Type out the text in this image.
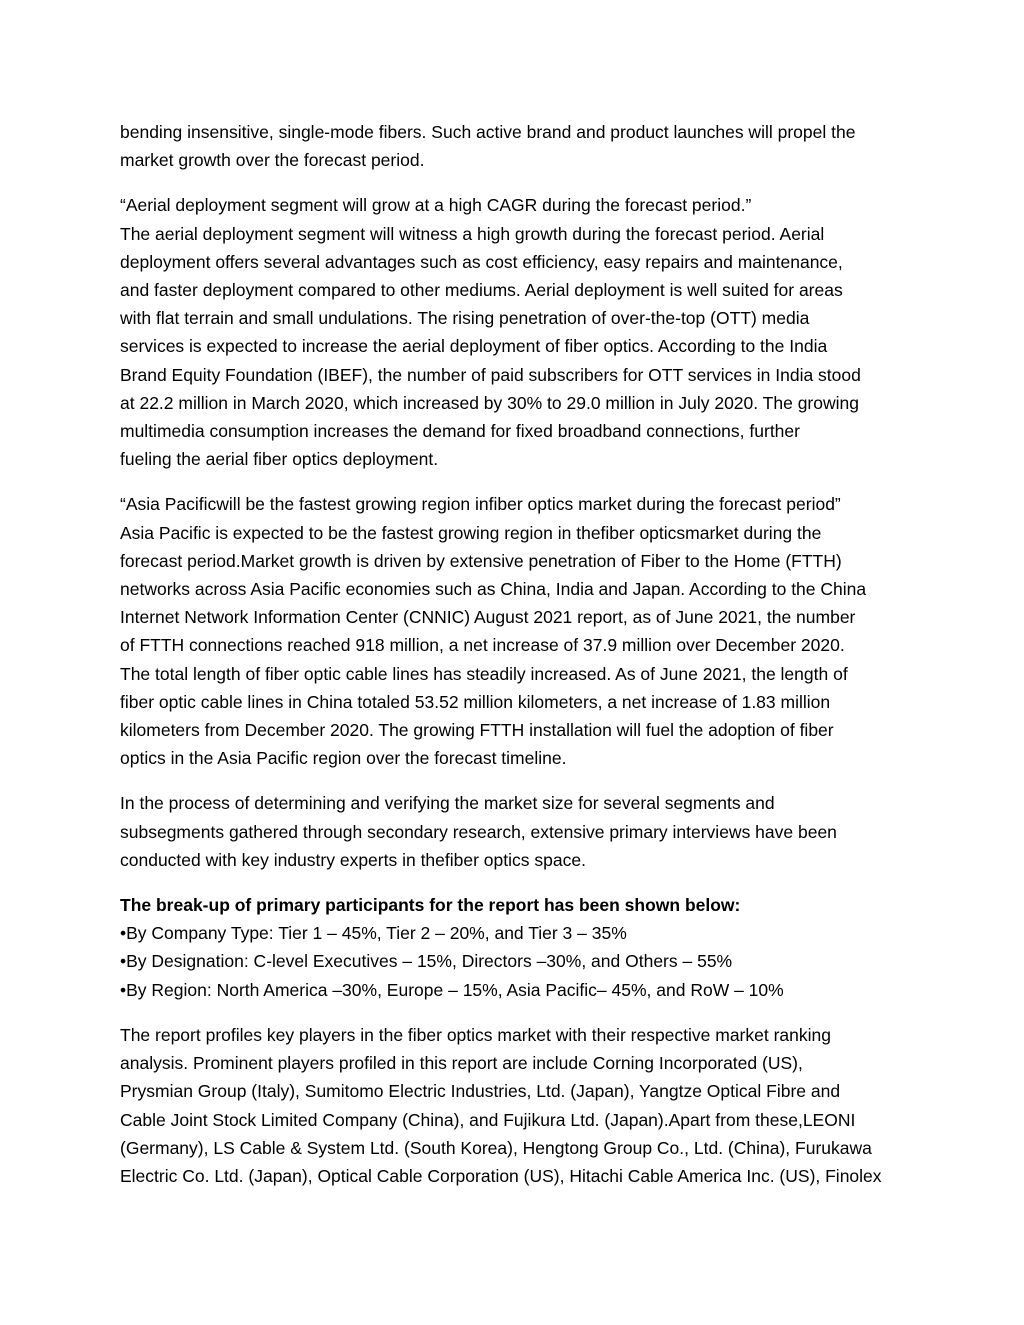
bending insensitive, single-mode fibers. Such active brand and product launches will propel the
market growth over the forecast period.

“Aerial deployment segment will grow at a high CAGR during the forecast period.”
The aerial deployment segment will witness a high growth during the forecast period. Aerial
deployment offers several advantages such as cost efficiency, easy repairs and maintenance,
and faster deployment compared to other mediums. Aerial deployment is well suited for areas
with flat terrain and small undulations. The rising penetration of over-the-top (OTT) media
services is expected to increase the aerial deployment of fiber optics. According to the India
Brand Equity Foundation (IBEF), the number of paid subscribers for OTT services in India stood
at 22.2 million in March 2020, which increased by 30% to 29.0 million in July 2020. The growing
multimedia consumption increases the demand for fixed broadband connections, further
fueling the aerial fiber optics deployment.

“Asia Pacificwill be the fastest growing region infiber optics market during the forecast period”
Asia Pacific is expected to be the fastest growing region in thefiber opticsmarket during the
forecast period.Market growth is driven by extensive penetration of Fiber to the Home (FTTH)
networks across Asia Pacific economies such as China, India and Japan. According to the China
Internet Network Information Center (CNNIC) August 2021 report, as of June 2021, the number
of FTTH connections reached 918 million, a net increase of 37.9 million over December 2020.
The total length of fiber optic cable lines has steadily increased. As of June 2021, the length of
fiber optic cable lines in China totaled 53.52 million kilometers, a net increase of 1.83 million
kilometers from December 2020. The growing FTTH installation will fuel the adoption of fiber
optics in the Asia Pacific region over the forecast timeline.

In the process of determining and verifying the market size for several segments and
subsegments gathered through secondary research, extensive primary interviews have been
conducted with key industry experts in thefiber optics space.

The break-up of primary participants for the report has been shown below:
•By Company Type: Tier 1 – 45%, Tier 2 – 20%, and Tier 3 – 35%
•By Designation: C-level Executives – 15%, Directors –30%, and Others – 55%
•By Region: North America –30%, Europe – 15%, Asia Pacific– 45%, and RoW – 10%

The report profiles key players in the fiber optics market with their respective market ranking
analysis. Prominent players profiled in this report are include Corning Incorporated (US),
Prysmian Group (Italy), Sumitomo Electric Industries, Ltd. (Japan), Yangtze Optical Fibre and
Cable Joint Stock Limited Company (China), and Fujikura Ltd. (Japan).Apart from these,LEONI
(Germany), LS Cable & System Ltd. (South Korea), Hengtong Group Co., Ltd. (China), Furukawa
Electric Co. Ltd. (Japan), Optical Cable Corporation (US), Hitachi Cable America Inc. (US), Finolex
